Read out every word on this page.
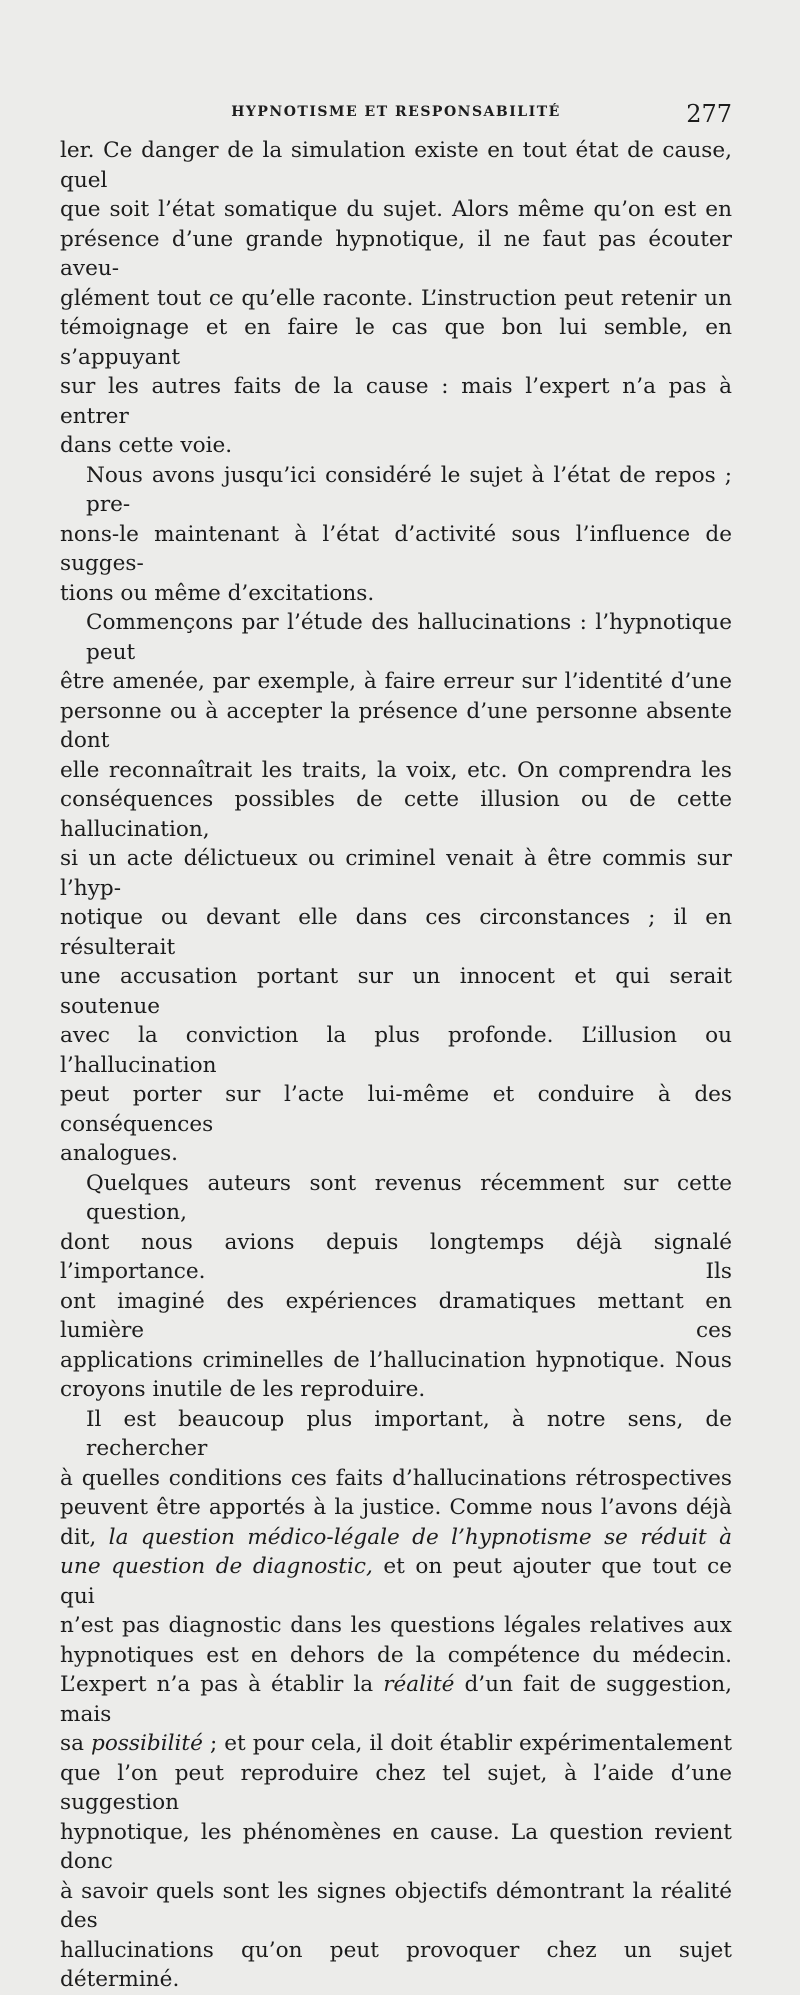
HYPNOTISME ET RESPONSABILITÉ	277

ler. Ce danger de la simulation existe en tout état de cause, quel
que soit l’état somatique du sujet. Alors même qu’on est en
présence d’une grande hypnotique, il ne faut pas écouter aveu-
glément tout ce qu’elle raconte. L’instruction peut retenir un
témoignage et en faire le cas que bon lui semble, en s’appuyant
sur les autres faits de la cause : mais l’expert n’a pas à entrer
dans cette voie.

Nous avons jusqu’ici considéré le sujet à l’état de repos ; pre-
nons-le maintenant à l’état d’activité sous l’influence de sugges-
tions ou même d’excitations.

Commençons par l’étude des hallucinations : l’hypnotique peut
être amenée, par exemple, à faire erreur sur l’identité d’une
personne ou à accepter la présence d’une personne absente dont
elle reconnaîtrait les traits, la voix, etc. On comprendra les
conséquences possibles de cette illusion ou de cette hallucination,
si un acte délictueux ou criminel venait à être commis sur l’hyp-
notique ou devant elle dans ces circonstances ; il en résulterait
une accusation portant sur un innocent et qui serait soutenue
avec la conviction la plus profonde. L’illusion ou l’hallucination
peut porter sur l’acte lui-même et conduire à des conséquences
analogues.

Quelques auteurs sont revenus récemment sur cette question,
dont nous avions depuis longtemps déjà signalé l’importance. Ils
ont imaginé des expériences dramatiques mettant en lumière ces
applications criminelles de l’hallucination hypnotique. Nous
croyons inutile de les reproduire.

Il est beaucoup plus important, à notre sens, de rechercher
à quelles conditions ces faits d’hallucinations rétrospectives
peuvent être apportés à la justice. Comme nous l’avons déjà
dit, la question médico-légale de l’hypnotisme se réduit à
une question de diagnostic, et on peut ajouter que tout ce qui
n’est pas diagnostic dans les questions légales relatives aux
hypnotiques est en dehors de la compétence du médecin.
L’expert n’a pas à établir la réalité d’un fait de suggestion, mais
sa possibilité ; et pour cela, il doit établir expérimentalement
que l’on peut reproduire chez tel sujet, à l’aide d’une suggestion
hypnotique, les phénomènes en cause. La question revient donc
à savoir quels sont les signes objectifs démontrant la réalité des
hallucinations qu’on peut provoquer chez un sujet déterminé.
